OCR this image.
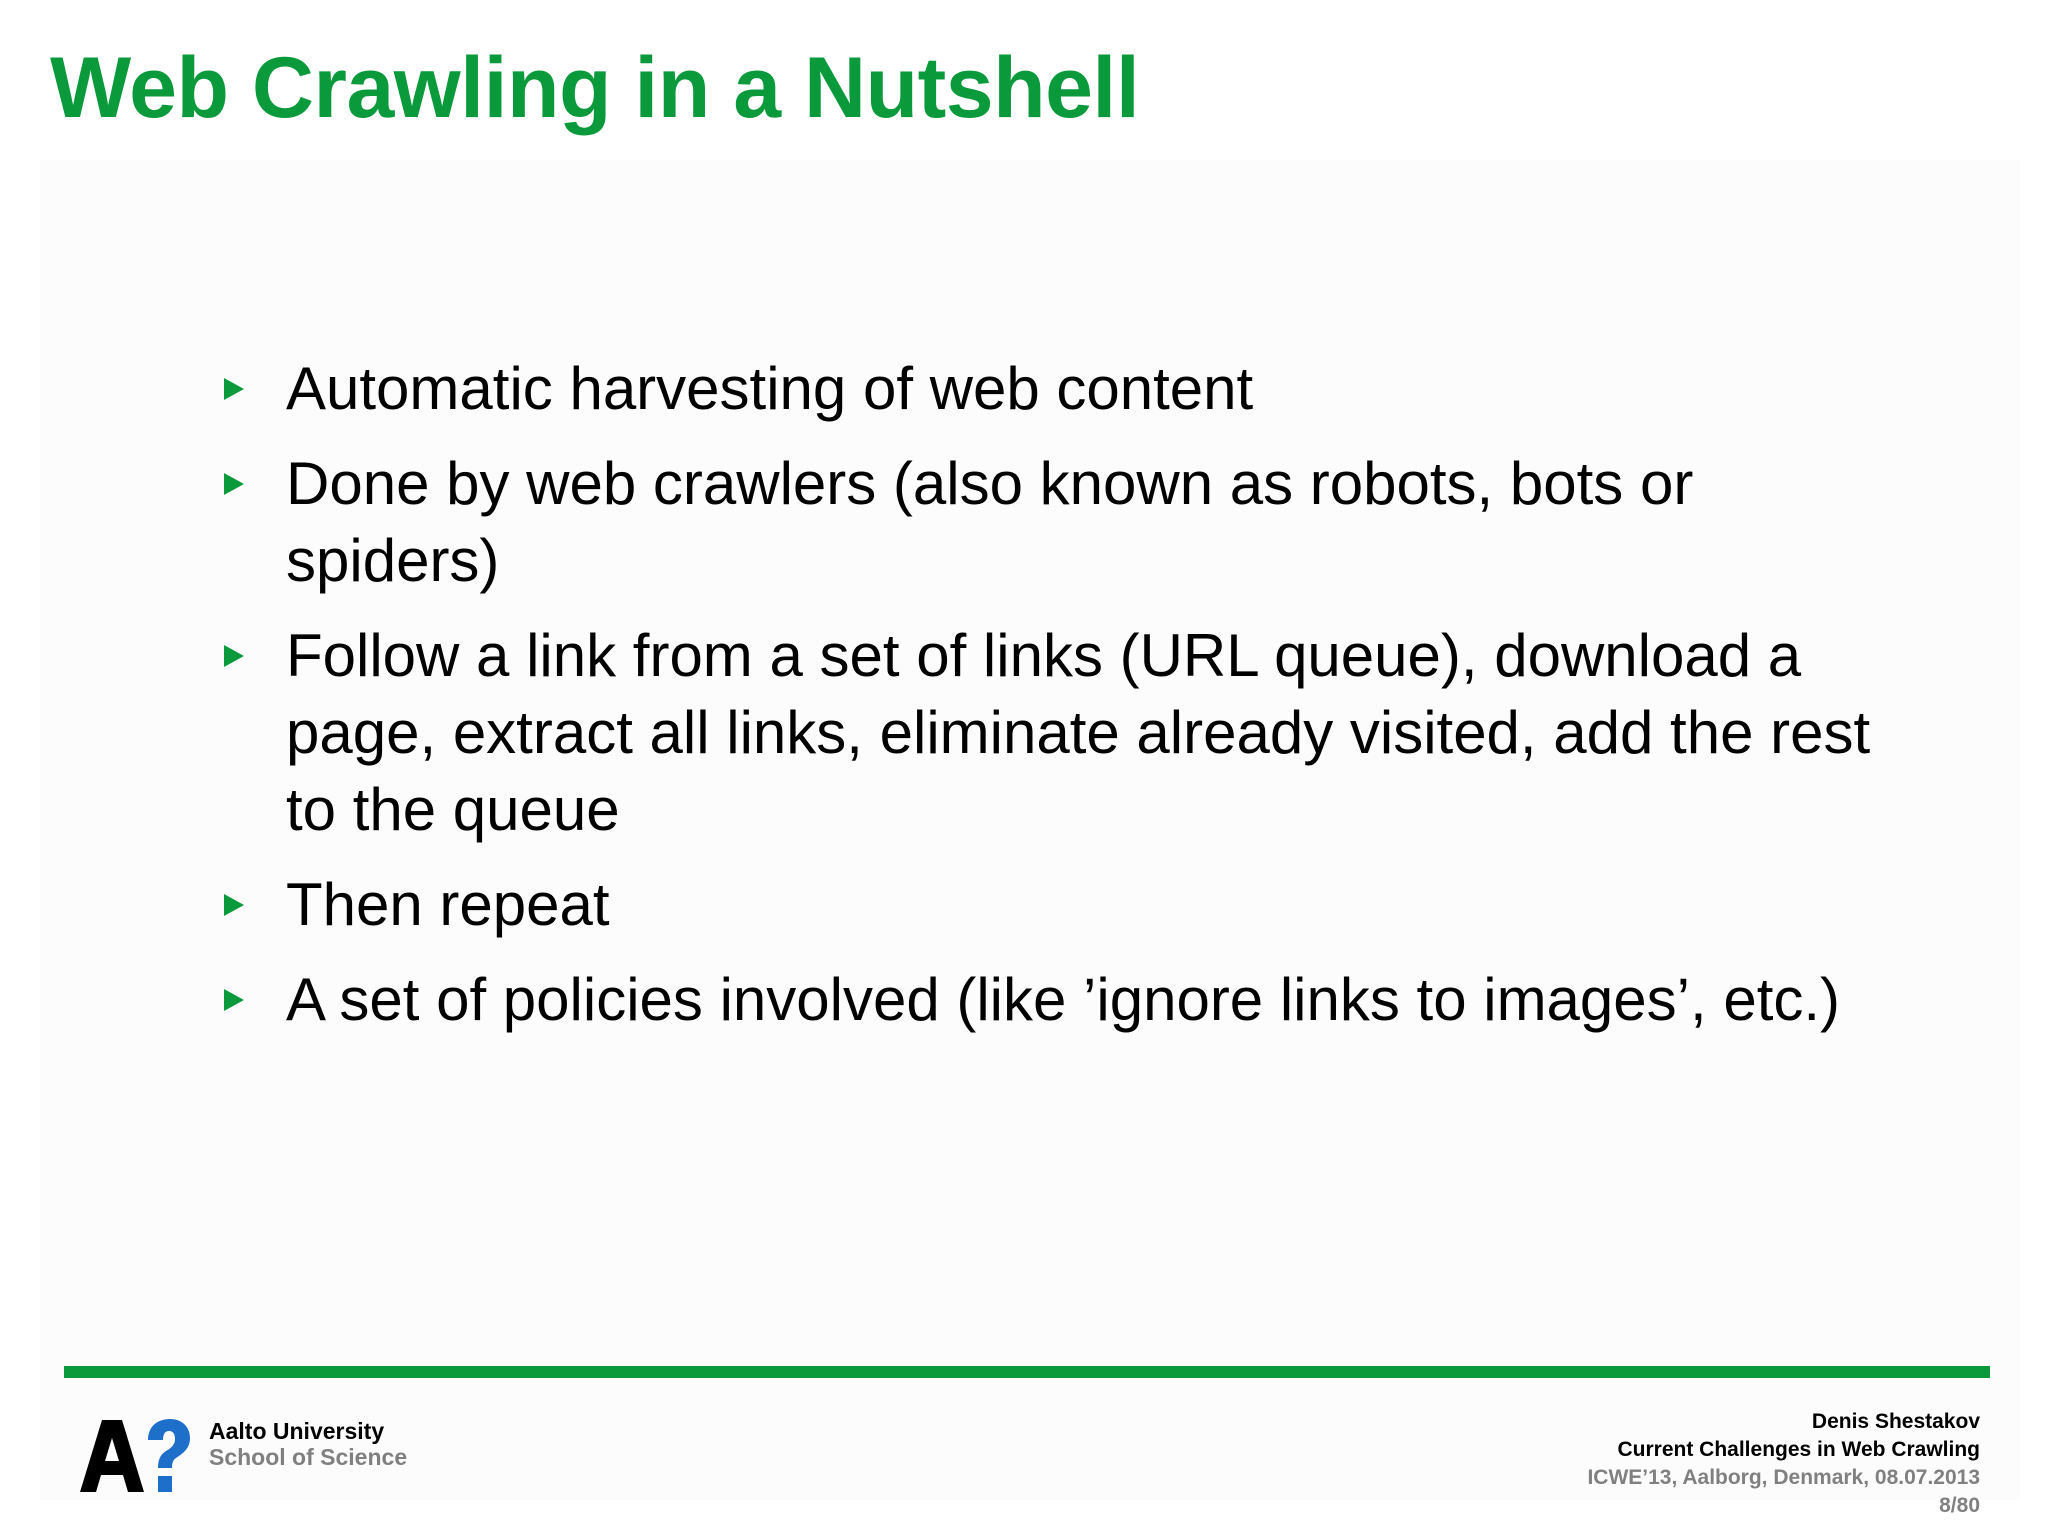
Web Crawling in a Nutshell
Automatic harvesting of web content
Done by web crawlers (also known as robots, bots or spiders)
Follow a link from a set of links (URL queue), download a page, extract all links, eliminate already visited, add the rest to the queue
Then repeat
A set of policies involved (like ’ignore links to images’, etc.)
Aalto University
School of Science
Denis Shestakov
Current Challenges in Web Crawling
ICWE’13, Aalborg, Denmark, 08.07.2013
8/80
